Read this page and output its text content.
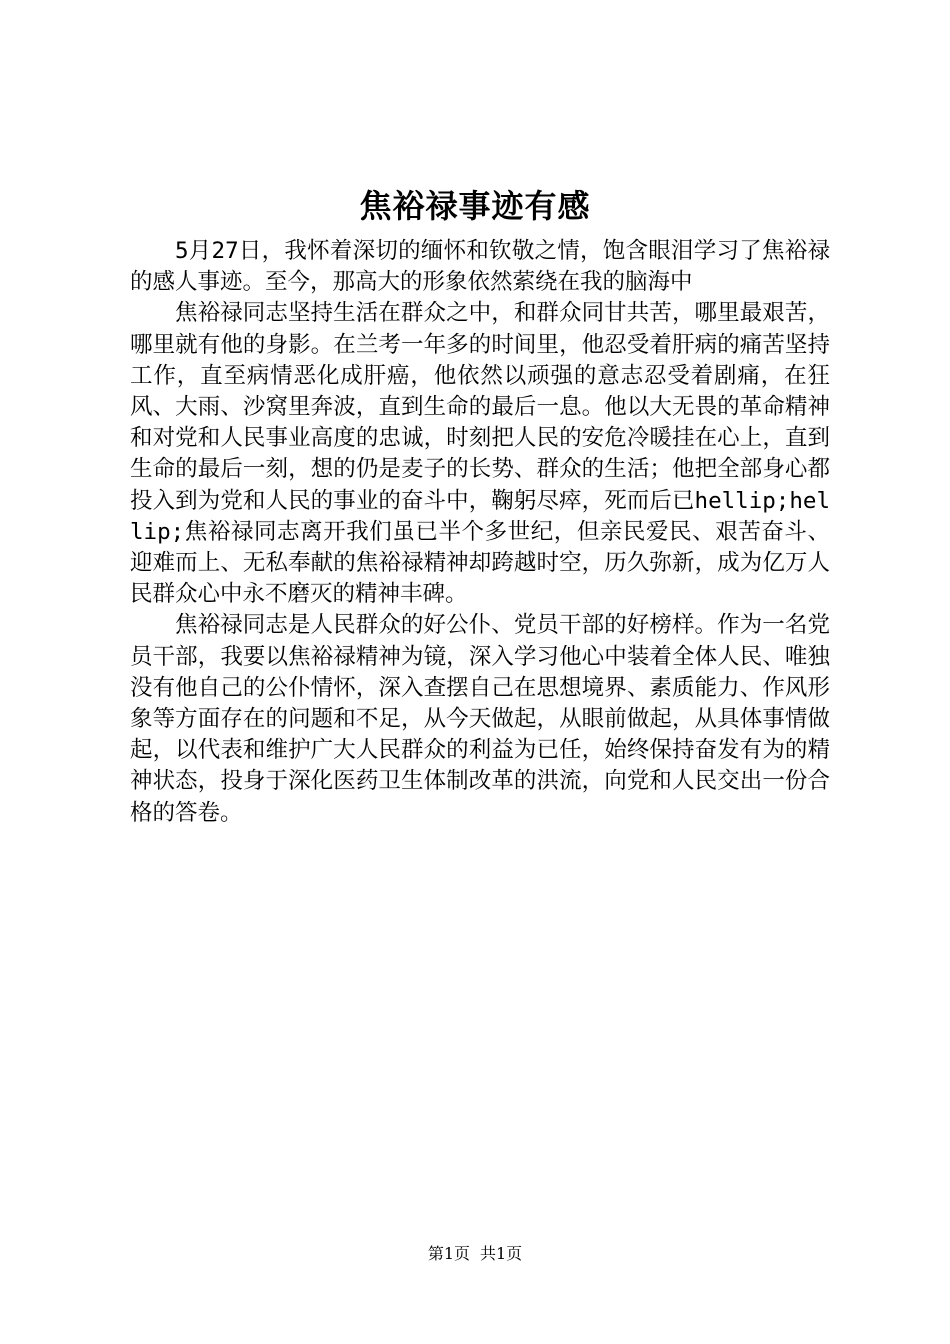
焦裕禄事迹有感

5月27日，我怀着深切的缅怀和钦敬之情，饱含眼泪学习了焦裕禄的感人事迹。至今，那高大的形象依然萦绕在我的脑海中

焦裕禄同志坚持生活在群众之中，和群众同甘共苦，哪里最艰苦，哪里就有他的身影。在兰考一年多的时间里，他忍受着肝病的痛苦坚持工作，直至病情恶化成肝癌，他依然以顽强的意志忍受着剧痛，在狂风、大雨、沙窝里奔波，直到生命的最后一息。他以大无畏的革命精神和对党和人民事业高度的忠诚，时刻把人民的安危冷暖挂在心上，直到生命的最后一刻，想的仍是麦子的长势、群众的生活；他把全部身心都投入到为党和人民的事业的奋斗中，鞠躬尽瘁，死而后已hellip;hellip;焦裕禄同志离开我们虽已半个多世纪，但亲民爱民、艰苦奋斗、迎难而上、无私奉献的焦裕禄精神却跨越时空，历久弥新，成为亿万人民群众心中永不磨灭的精神丰碑。

焦裕禄同志是人民群众的好公仆、党员干部的好榜样。作为一名党员干部，我要以焦裕禄精神为镜，深入学习他心中装着全体人民、唯独没有他自己的公仆情怀，深入查摆自己在思想境界、素质能力、作风形象等方面存在的问题和不足，从今天做起，从眼前做起，从具体事情做起，以代表和维护广大人民群众的利益为已任，始终保持奋发有为的精神状态，投身于深化医药卫生体制改革的洪流，向党和人民交出一份合格的答卷。

第1页 共1页
